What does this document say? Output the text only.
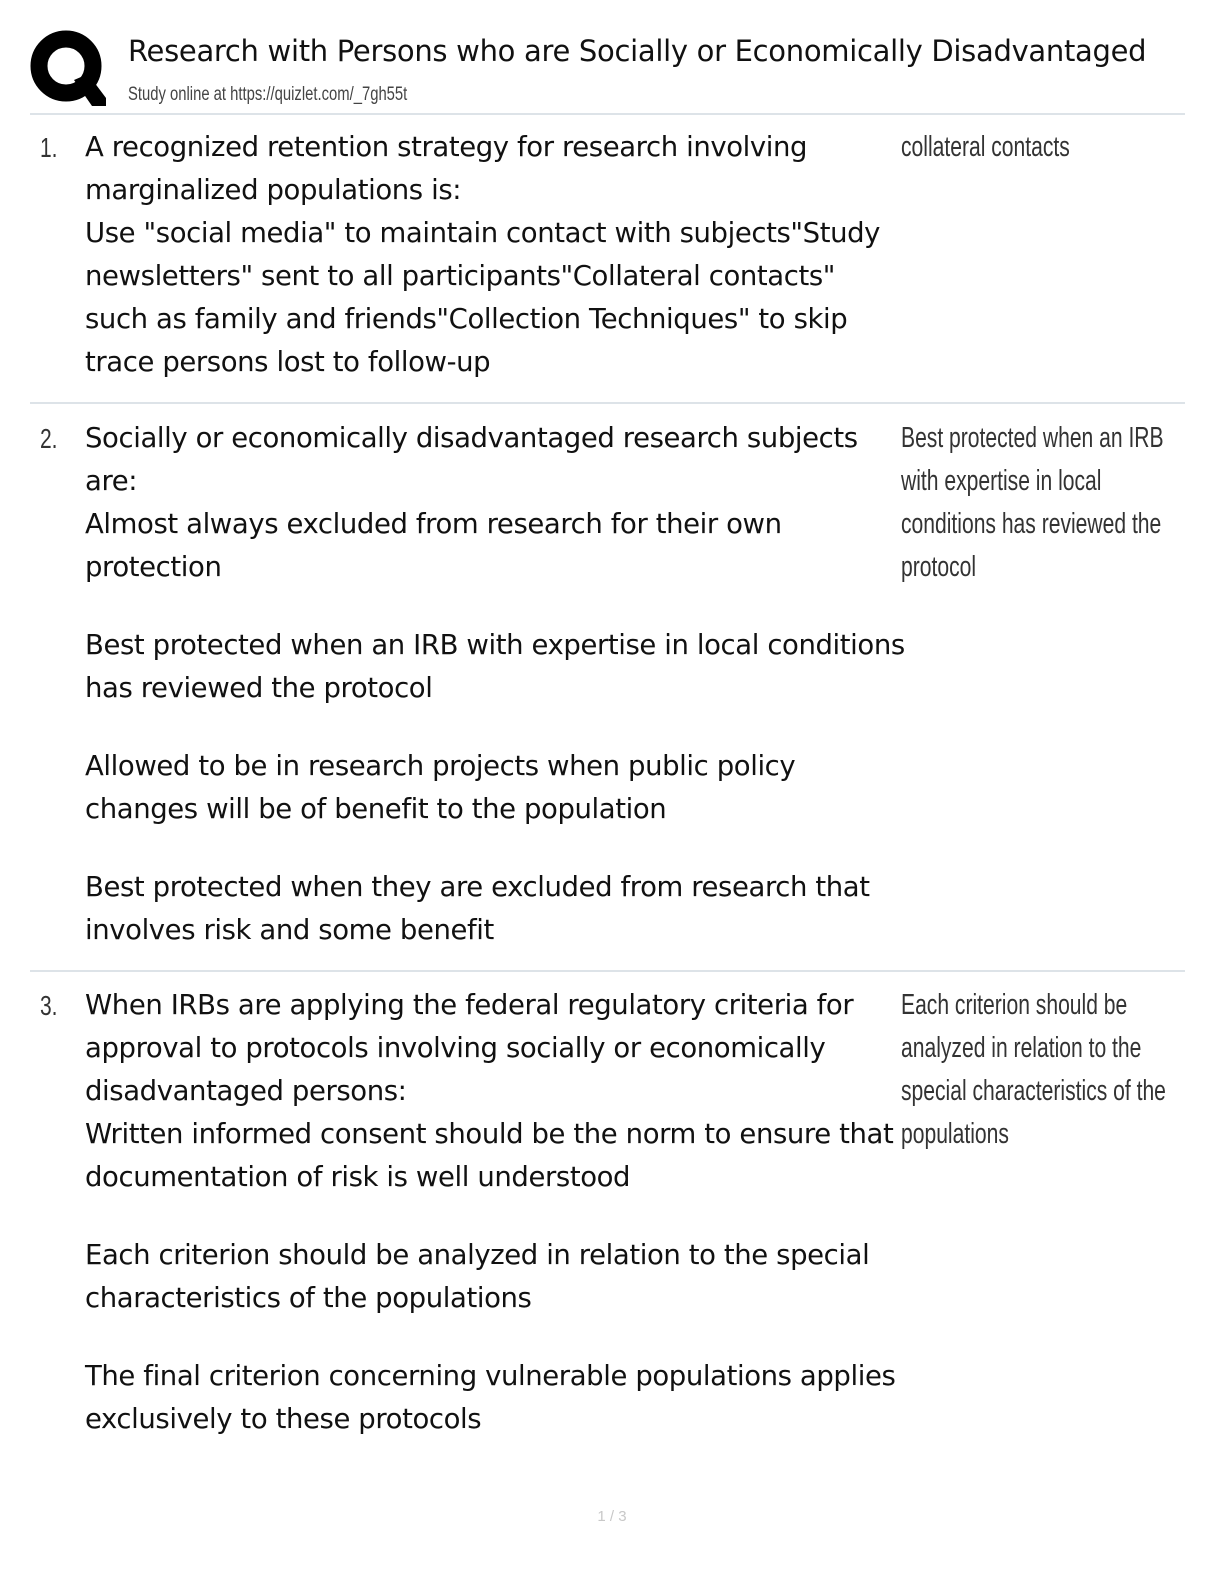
Research with Persons who are Socially or Economically Disadvantaged
Study online at https://quizlet.com/_7gh55t
1. A recognized retention strategy for research involving marginalized populations is:

Use "social media" to maintain contact with subjects"Study newsletters" sent to all participants"Collateral contacts" such as family and friends"Collection Techniques" to skip trace persons lost to follow-up

collateral contacts
2. Socially or economically disadvantaged research subjects are:

Almost always excluded from research for their own protection

Best protected when an IRB with expertise in local conditions has reviewed the protocol

Allowed to be in research projects when public policy changes will be of benefit to the population

Best protected when they are excluded from research that involves risk and some benefit

Best protected when an IRB with expertise in local conditions has reviewed the protocol
3. When IRBs are applying the federal regulatory criteria for approval to protocols involving socially or economically disadvantaged persons:

Written informed consent should be the norm to ensure that documentation of risk is well understood

Each criterion should be analyzed in relation to the special characteristics of the populations

The final criterion concerning vulnerable populations applies exclusively to these protocols

Each criterion should be analyzed in relation to the special characteristics of the populations
1 / 3
